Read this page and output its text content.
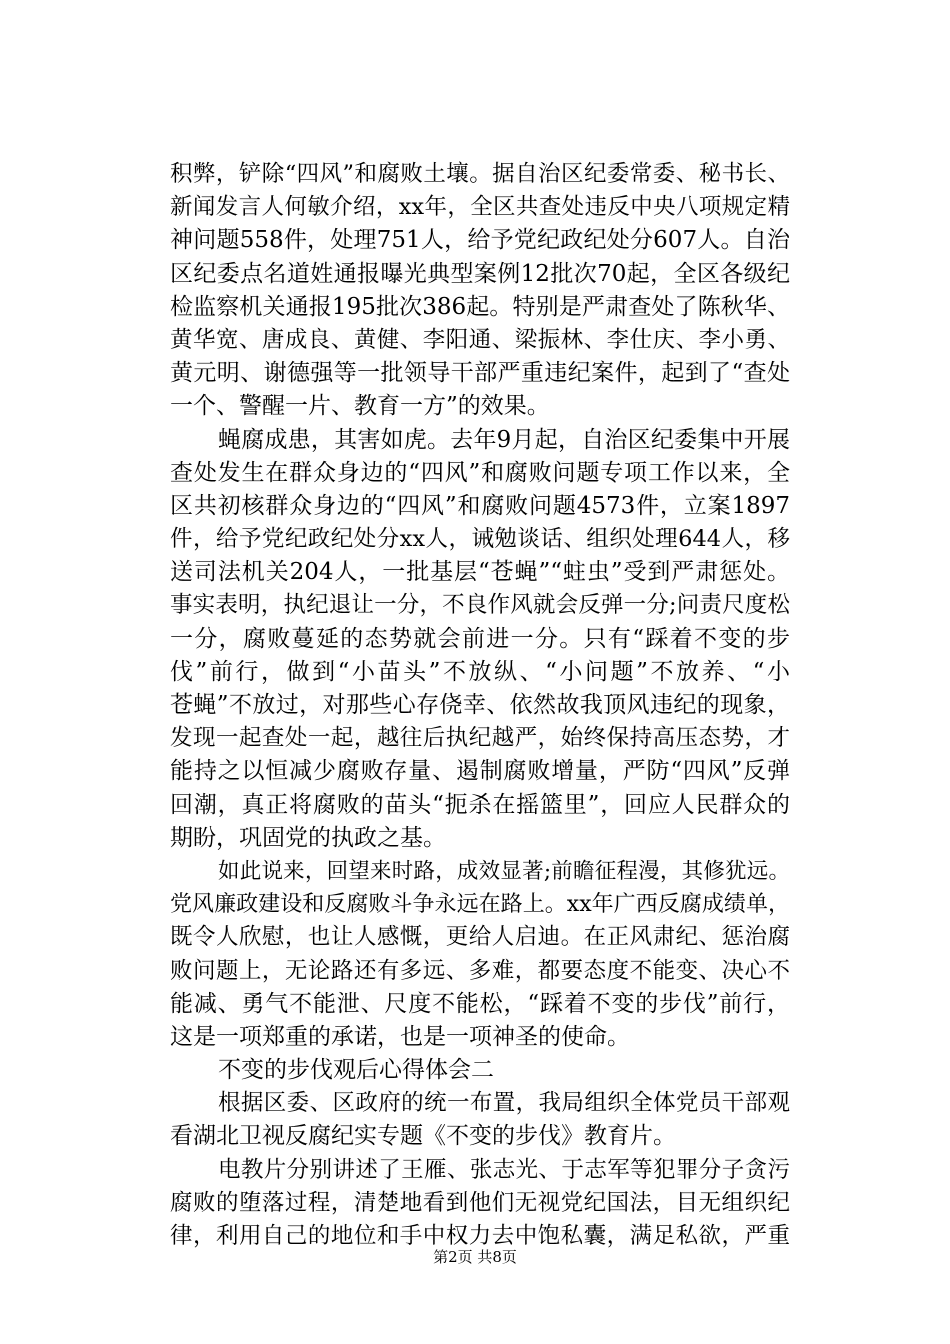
积弊，铲除“四风”和腐败土壤。据自治区纪委常委、秘书长、
新闻发言人何敏介绍，xx年，全区共查处违反中央八项规定精
神问题558件，处理751人，给予党纪政纪处分607人。自治
区纪委点名道姓通报曝光典型案例12批次70起，全区各级纪
检监察机关通报195批次386起。特别是严肃查处了陈秋华、
黄华宽、唐成良、黄健、李阳通、梁振林、李仕庆、李小勇、
黄元明、谢德强等一批领导干部严重违纪案件，起到了“查处
一个、警醒一片、教育一方”的效果。
蝇腐成患，其害如虎。去年9月起，自治区纪委集中开展
查处发生在群众身边的“四风”和腐败问题专项工作以来，全
区共初核群众身边的“四风”和腐败问题4573件，立案1897
件，给予党纪政纪处分xx人，诫勉谈话、组织处理644人，移
送司法机关204人，一批基层“苍蝇”“蛀虫”受到严肃惩处。
事实表明，执纪退让一分，不良作风就会反弹一分;问责尺度松
一分，腐败蔓延的态势就会前进一分。只有“踩着不变的步
伐”前行，做到“小苗头”不放纵、“小问题”不放养、“小
苍蝇”不放过，对那些心存侥幸、依然故我顶风违纪的现象，
发现一起查处一起，越往后执纪越严，始终保持高压态势，才
能持之以恒减少腐败存量、遏制腐败增量，严防“四风”反弹
回潮，真正将腐败的苗头“扼杀在摇篮里”，回应人民群众的
期盼，巩固党的执政之基。
如此说来，回望来时路，成效显著;前瞻征程漫，其修犹远。
党风廉政建设和反腐败斗争永远在路上。xx年广西反腐成绩单，
既令人欣慰，也让人感慨，更给人启迪。在正风肃纪、惩治腐
败问题上，无论路还有多远、多难，都要态度不能变、决心不
能减、勇气不能泄、尺度不能松，“踩着不变的步伐”前行，
这是一项郑重的承诺，也是一项神圣的使命。
不变的步伐观后心得体会二
根据区委、区政府的统一布置，我局组织全体党员干部观
看湖北卫视反腐纪实专题《不变的步伐》教育片。
电教片分别讲述了王雁、张志光、于志军等犯罪分子贪污
腐败的堕落过程，清楚地看到他们无视党纪国法，目无组织纪
律，利用自己的地位和手中权力去中饱私囊，满足私欲，严重
第2页 共8页
